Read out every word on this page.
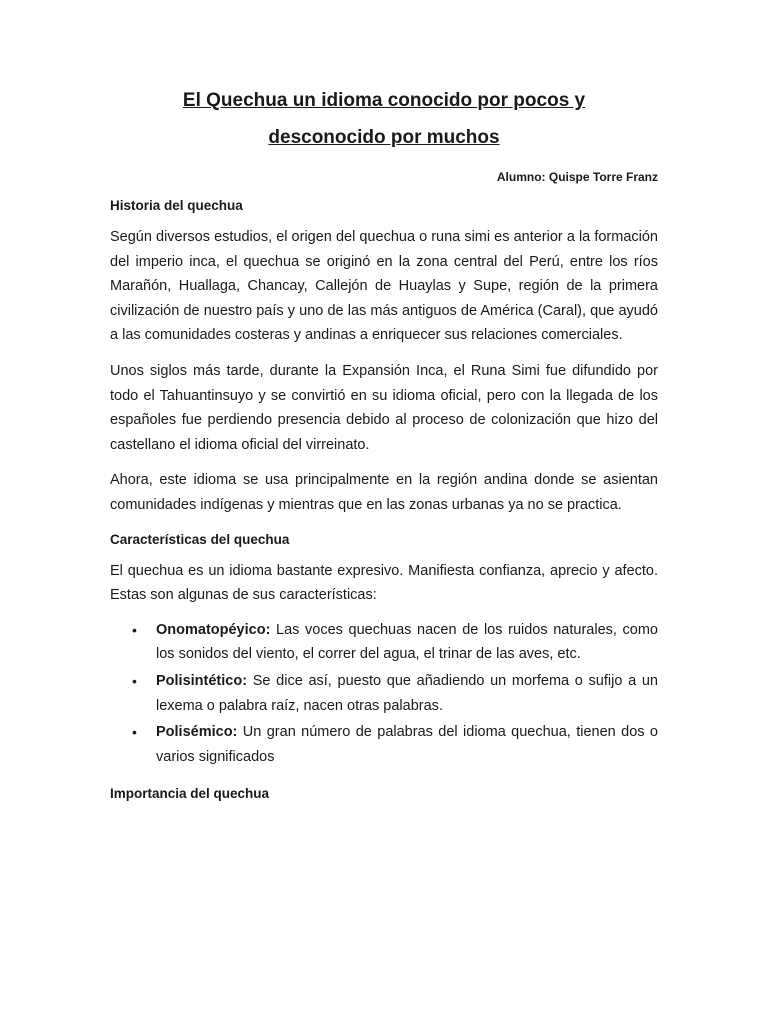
El Quechua un idioma conocido por pocos y
desconocido por muchos
Alumno: Quispe Torre Franz
Historia del quechua

Según diversos estudios, el origen del quechua o runa simi es anterior a la formación del imperio inca, el quechua se originó en la zona central del Perú, entre los ríos Marañón, Huallaga, Chancay, Callejón de Huaylas y Supe, región de la primera civilización de nuestro país y uno de las más antiguos de América (Caral), que ayudó a las comunidades costeras y andinas a enriquecer sus relaciones comerciales.

Unos siglos más tarde, durante la Expansión Inca, el Runa Simi fue difundido por todo el Tahuantinsuyo y se convirtió en su idioma oficial, pero con la llegada de los españoles fue perdiendo presencia debido al proceso de colonización que hizo del castellano el idioma oficial del virreinato.

Ahora, este idioma se usa principalmente en la región andina donde se asientan comunidades indígenas y mientras que en las zonas urbanas ya no se practica.

Características del quechua

El quechua es un idioma bastante expresivo. Manifiesta confianza, aprecio y afecto. Estas son algunas de sus características:

• Onomatopéyico: Las voces quechuas nacen de los ruidos naturales, como los sonidos del viento, el correr del agua, el trinar de las aves, etc.
• Polisintético: Se dice así, puesto que añadiendo un morfema o sufijo a un lexema o palabra raíz, nacen otras palabras.
• Polisémico: Un gran número de palabras del idioma quechua, tienen dos o varios significados
Importancia del quechua
